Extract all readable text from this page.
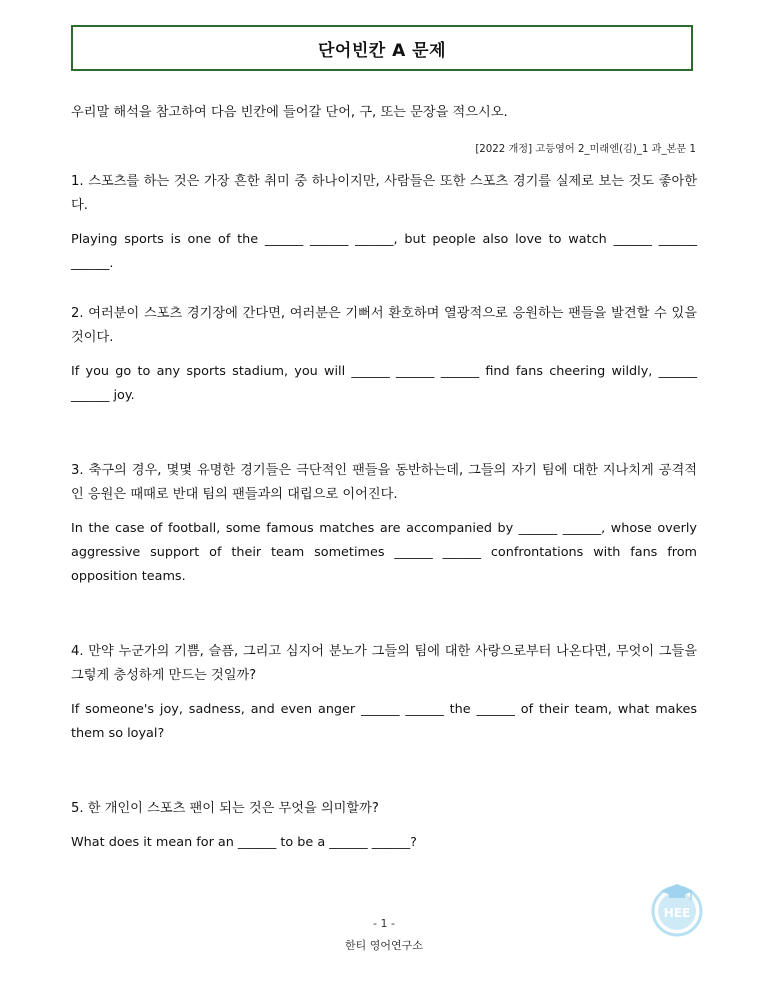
단어빈칸 A 문제
우리말 해석을 참고하여 다음 빈칸에 들어갈 단어, 구, 또는 문장을 적으시오.
[2022 개정] 고등영어 2_미래엔(김)_1 과_본문 1
1. 스포츠를 하는 것은 가장 흔한 취미 중 하나이지만, 사람들은 또한 스포츠 경기를 실제로 보는 것도 좋아한다.
Playing sports is one of the ______ ______ ______, but people also love to watch ______ ______ ______.
2. 여러분이 스포츠 경기장에 간다면, 여러분은 기뻐서 환호하며 열광적으로 응원하는 팬들을 발견할 수 있을 것이다.
If you go to any sports stadium, you will ______ ______ ______ find fans cheering wildly, ______ ______ joy.
3. 축구의 경우, 몇몇 유명한 경기들은 극단적인 팬들을 동반하는데, 그들의 자기 팀에 대한 지나치게 공격적인 응원은 때때로 반대 팀의 팬들과의 대립으로 이어진다.
In the case of football, some famous matches are accompanied by ______ ______, whose overly aggressive support of their team sometimes ______ ______ confrontations with fans from opposition teams.
4. 만약 누군가의 기쁨, 슬픔, 그리고 심지어 분노가 그들의 팀에 대한 사랑으로부터 나온다면, 무엇이 그들을 그렇게 충성하게 만드는 것일까?
If someone's joy, sadness, and even anger ______ ______ the ______ of their team, what makes them so loyal?
5. 한 개인이 스포츠 팬이 되는 것은 무엇을 의미할까?
What does it mean for an ______ to be a ______ ______?
- 1 -
한티 영어연구소
HEE
